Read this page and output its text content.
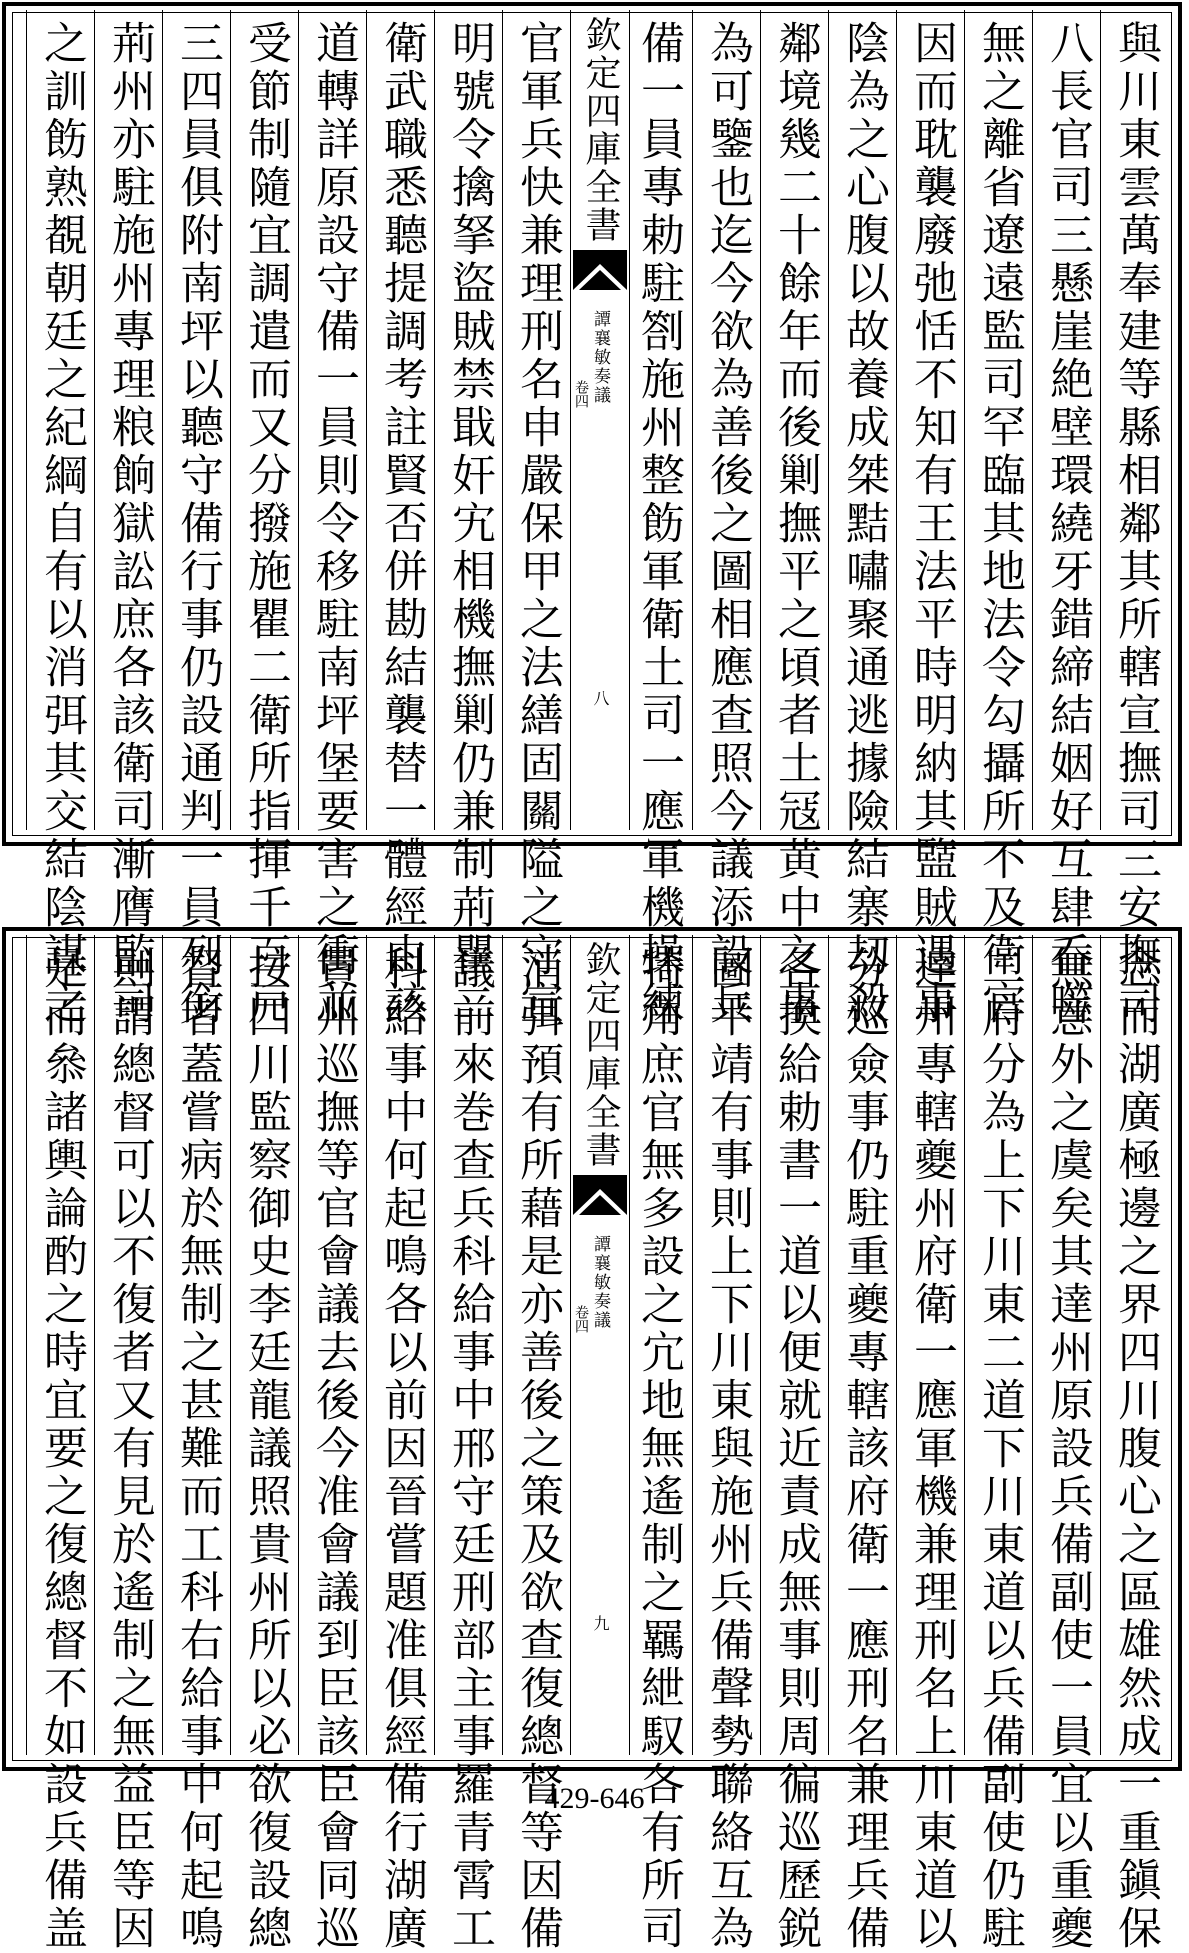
與川東雲萬奉建等縣相鄰其所轄宣撫司三安撫司
八長官司三懸崖絶壁環繞牙錯締結姻好互肆呑噬
無之離省遼遠監司罕臨其地法令勾攝所不及衛官
因而耽襲廢弛恬不知有王法平時明納其盬賊遇事
陰為之心腹以故養成桀黠嘯聚通逃據險結寨刼殺
鄰境幾二十餘年而後剿撫平之頃者土冦黄中之事
為可鑒也迄今欲為善後之圖相應查照今議添設兵
欽定四庫全書
譚襄敏奏議
卷四
八 備一員專勅駐劄施州整飭軍衛土司一應軍機操練
官軍兵快兼理刑名申嚴保甲之法繕固關隘之守宣
明號令擒拏盜賊禁戢奸宄相機撫剿仍兼制荊瞿二
衛武職悉聽提調考註賢否併勘結襲替一體經由該
道轉詳原設守備一員則令移駐南坪堡要害之衝並
受節制隨宜調遣而又分撥施瞿二衛所指揮千百戸
三四員俱附南坪以聽守備行事仍設通判一員列銜
荊州亦駐施州專理粮餉獄訟庶各該衛司漸膺監司
之訓飭熟覩朝廷之紀綱自有以消弭其交結陰謀之
念而湖廣極邊之界四川腹心之區雄然成一重鎭保
無意外之虞矣其達州原設兵備副使一員宜以重夔
二府分為上下川東二道下川東道以兵備副使仍駐
達州專轄夔州府衛一應軍機兼理刑名上川東道以
分巡僉事仍駐重夔專轄該府衛一應刑名兼理兵備
各換給勅書一道以便就近責成無事則周徧巡歷鋭
圖平靖有事則上下川東與施州兵備聲勢聯絡互為
欽定四庫全書
譚襄敏奏議
卷四
九 犄角庶官無多設之宂地無遙制之羈紲馭各有所司
消弭預有所藉是亦善後之策及欲查復總督等因備
議前來巻查兵科給事中邢守廷刑部主事羅青霄工
科給事中何起鳴各以前因晉嘗題准俱經備行湖廣
貴州巡撫等官會議去後今准會議到臣該臣會同巡
按四川監察御史李廷龍議照貴州所以必欲復設總
督者蓋嘗病於無制之甚難而工科右給事中何起鳴
則謂總督可以不復者又有見於遙制之無益臣等因
是而叅諸輿論酌之時宜要之復總督不如設兵備盖	429-646
